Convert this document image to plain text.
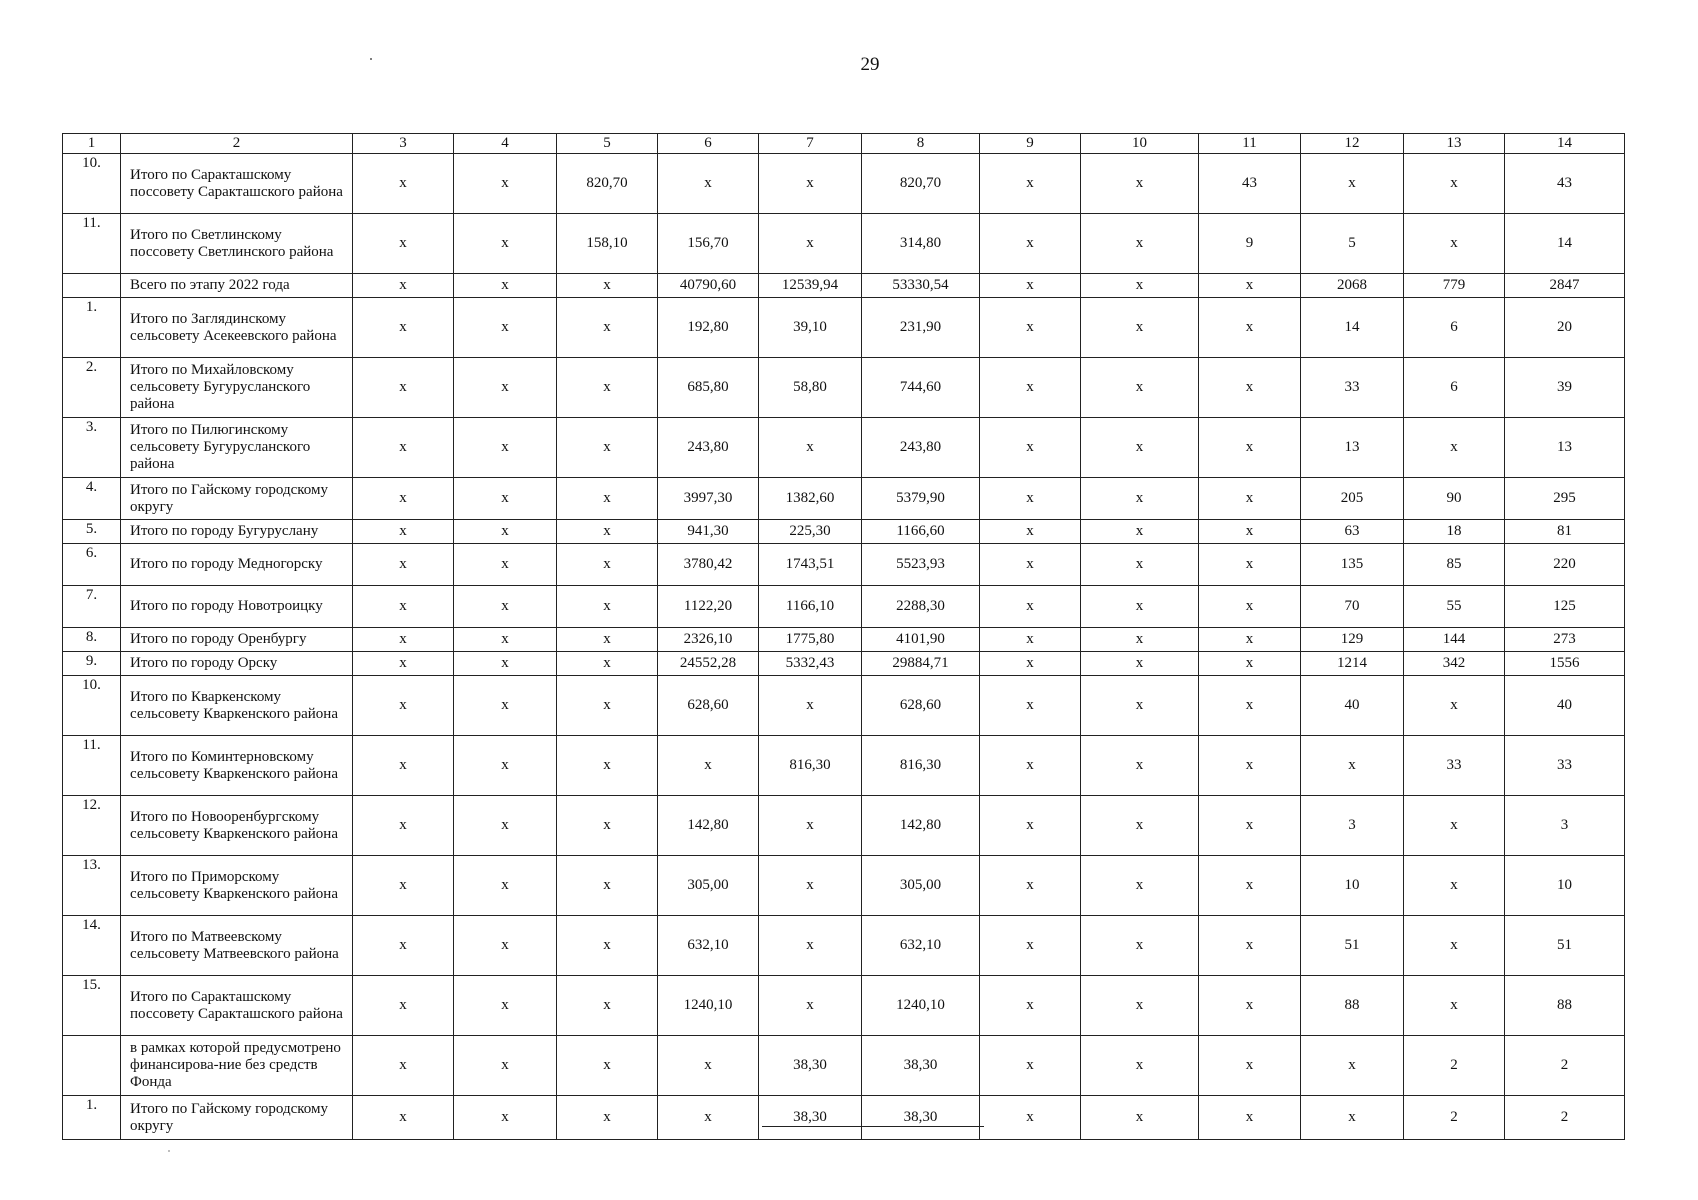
29
1	2	3	4	5	6	7	8	9	10	11	12	13	14
10.	Итого по Саракташскому поссовету Саракташского района	x	x	820,70	x	x	820,70	x	x	43	x	x	43
11.	Итого по Светлинскому поссовету Светлинского района	x	x	158,10	156,70	x	314,80	x	x	9	5	x	14
	Всего по этапу 2022 года	x	x	x	40790,60	12539,94	53330,54	x	x	x	2068	779	2847
1.	Итого по Заглядинскому сельсовету Асекеевского района	x	x	x	192,80	39,10	231,90	x	x	x	14	6	20
2.	Итого по Михайловскому сельсовету Бугурусланского района	x	x	x	685,80	58,80	744,60	x	x	x	33	6	39
3.	Итого по Пилюгинскому сельсовету Бугурусланского района	x	x	x	243,80	x	243,80	x	x	x	13	x	13
4.	Итого по Гайскому городскому округу	x	x	x	3997,30	1382,60	5379,90	x	x	x	205	90	295
5.	Итого по городу Бугуруслану	x	x	x	941,30	225,30	1166,60	x	x	x	63	18	81
6.	Итого по городу Медногорску	x	x	x	3780,42	1743,51	5523,93	x	x	x	135	85	220
7.	Итого по городу Новотроицку	x	x	x	1122,20	1166,10	2288,30	x	x	x	70	55	125
8.	Итого по городу Оренбургу	x	x	x	2326,10	1775,80	4101,90	x	x	x	129	144	273
9.	Итого по городу Орску	x	x	x	24552,28	5332,43	29884,71	x	x	x	1214	342	1556
10.	Итого по Кваркенскому сельсовету Кваркенского района	x	x	x	628,60	x	628,60	x	x	x	40	x	40
11.	Итого по Коминтерновскому сельсовету Кваркенского района	x	x	x	x	816,30	816,30	x	x	x	x	33	33
12.	Итого по Новооренбургскому сельсовету Кваркенского района	x	x	x	142,80	x	142,80	x	x	x	3	x	3
13.	Итого по Приморскому сельсовету Кваркенского района	x	x	x	305,00	x	305,00	x	x	x	10	x	10
14.	Итого по Матвеевскому сельсовету Матвеевского района	x	x	x	632,10	x	632,10	x	x	x	51	x	51
15.	Итого по Саракташскому поссовету Саракташского района	x	x	x	1240,10	x	1240,10	x	x	x	88	x	88
	в рамках которой предусмотрено финансирова-ние без средств Фонда	x	x	x	x	38,30	38,30	x	x	x	x	2	2
1.	Итого по Гайскому городскому округу	x	x	x	x	38,30	38,30	x	x	x	x	2	2
